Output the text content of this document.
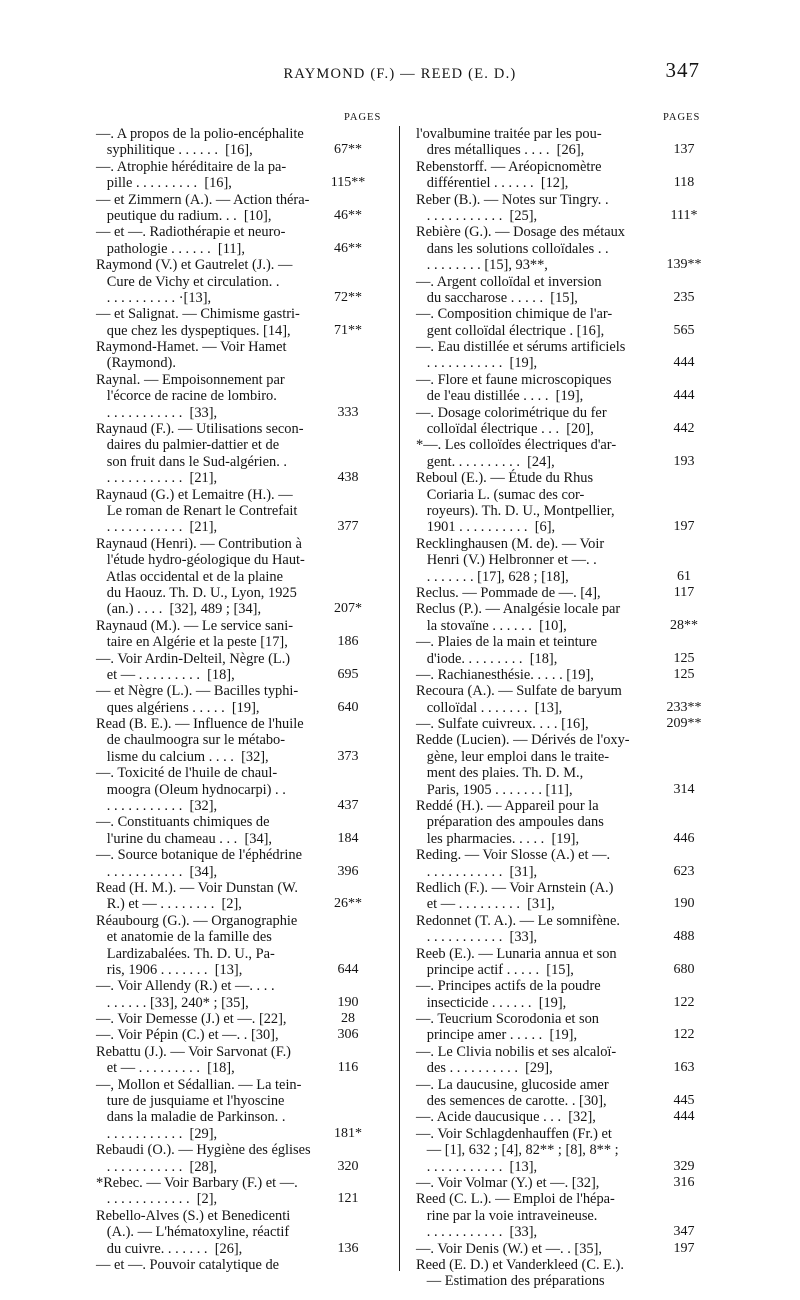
RAYMOND (F.) — REED (E. D.)	347
PAGES	PAGES
—. A propos de la polio-encéphalite
syphilitique . . . . . .  [16],	67**
—. Atrophie héréditaire de la pa-
pille . . . . . . . . .  [16],	115**
— et Zimmern (A.). — Action théra-
peutique du radium. . .  [10],	46**
— et —. Radiothérapie et neuro-
pathologie . . . . . .  [11],	46**
Raymond (V.) et Gautrelet (J.). —
Cure de Vichy et circulation. .
. . . . . . . . . . ·[13],	72**
— et Salignat. — Chimisme gastri-
que chez les dyspeptiques. [14],	71**
Raymond-Hamet. — Voir Hamet
(Raymond).
Raynal. — Empoisonnement par
l'écorce de racine de lombiro.
. . . . . . . . . . .  [33],	333
Raynaud (F.). — Utilisations secon-
daires du palmier-dattier et de
son fruit dans le Sud-algérien. .
. . . . . . . . . . .  [21],	438
Raynaud (G.) et Lemaitre (H.). —
Le roman de Renart le Contrefait
. . . . . . . . . . .  [21],	377
Raynaud (Henri). — Contribution à
l'étude hydro-géologique du Haut-
Atlas occidental et de la plaine
du Haouz. Th. D. U., Lyon, 1925
(an.) . . . .  [32], 489 ; [34],	207*
Raynaud (M.). — Le service sani-
taire en Algérie et la peste [17],	186
—. Voir Ardin-Delteil, Nègre (L.)
et — . . . . . . . . .  [18],	695
— et Nègre (L.). — Bacilles typhi-
ques algériens . . . . .  [19],	640
Read (B. E.). — Influence de l'huile
de chaulmoogra sur le métabo-
lisme du calcium . . . .  [32],	373
—. Toxicité de l'huile de chaul-
moogra (Oleum hydnocarpi) . .
. . . . . . . . . . .  [32],	437
—. Constituants chimiques de
l'urine du chameau . . .  [34],	184
—. Source botanique de l'éphédrine
. . . . . . . . . . .  [34],	396
Read (H. M.). — Voir Dunstan (W.
R.) et — . . . . . . . .  [2],	26**
Réaubourg (G.). — Organographie
et anatomie de la famille des
Lardizabalées. Th. D. U., Pa-
ris, 1906 . . . . . . .  [13],	644
—. Voir Allendy (R.) et —. . . .
. . . . . . [33], 240* ; [35],	190
—. Voir Demesse (J.) et —. [22],	28
—. Voir Pépin (C.) et —. . [30],	306
Rebattu (J.). — Voir Sarvonat (F.)
et — . . . . . . . . .  [18],	116
—, Mollon et Sédallian. — La tein-
ture de jusquiame et l'hyoscine
dans la maladie de Parkinson. .
. . . . . . . . . . .  [29],	181*
Rebaudi (O.). — Hygiène des églises
. . . . . . . . . . .  [28],	320
*Rebec. — Voir Barbary (F.) et —.
. . . . . . . . . . . .  [2],	121
Rebello-Alves (S.) et Benedicenti
(A.). — L'hématoxyline, réactif
du cuivre. . . . . . .  [26],	136
— et —. Pouvoir catalytique de
l'ovalbumine traitée par les pou-
dres métalliques . . . .  [26],	137
Rebenstorff. — Aréopicnomètre
différentiel . . . . . .  [12],	118
Reber (B.). — Notes sur Tingry. .
. . . . . . . . . . .  [25],	111*
Rebière (G.). — Dosage des métaux
dans les solutions colloïdales . .
. . . . . . . . [15], 93**,	139**
—. Argent colloïdal et inversion
du saccharose . . . . .  [15],	235
—. Composition chimique de l'ar-
gent colloïdal électrique . [16],	565
—. Eau distillée et sérums artificiels
. . . . . . . . . . .  [19],	444
—. Flore et faune microscopiques
de l'eau distillée . . . .  [19],	444
—. Dosage colorimétrique du fer
colloïdal électrique . . .  [20],	442
*—. Les colloïdes électriques d'ar-
gent. . . . . . . . . .  [24],	193
Reboul (E.). — Étude du Rhus
Coriaria L. (sumac des cor-
royeurs). Th. D. U., Montpellier,
1901 . . . . . . . . . .  [6],	197
Recklinghausen (M. de). — Voir
Henri (V.) Helbronner et —. .
. . . . . . . [17], 628 ; [18],	61
Reclus. — Pommade de —. [4],	117
Reclus (P.). — Analgésie locale par
la stovaïne . . . . . .  [10],	28**
—. Plaies de la main et teinture
d'iode. . . . . . . . .  [18],	125
—. Rachianesthésie. . . . . [19],	125
Recoura (A.). — Sulfate de baryum
colloïdal . . . . . . .  [13],	233**
—. Sulfate cuivreux. . . . [16],	209**
Redde (Lucien). — Dérivés de l'oxy-
gène, leur emploi dans le traite-
ment des plaies. Th. D. M.,
Paris, 1905 . . . . . . . [11],	314
Reddé (H.). — Appareil pour la
préparation des ampoules dans
les pharmacies. . . . .  [19],	446
Reding. — Voir Slosse (A.) et —.
. . . . . . . . . . .  [31],	623
Redlich (F.). — Voir Arnstein (A.)
et — . . . . . . . . .  [31],	190
Redonnet (T. A.). — Le somnifène.
. . . . . . . . . . .  [33],	488
Reeb (E.). — Lunaria annua et son
principe actif . . . . .  [15],	680
—. Principes actifs de la poudre
insecticide . . . . . .  [19],	122
—. Teucrium Scorodonia et son
principe amer . . . . .  [19],	122
—. Le Clivia nobilis et ses alcaloï-
des . . . . . . . . . .  [29],	163
—. La daucusine, glucoside amer
des semences de carotte. . [30],	445
—. Acide daucusique . . .  [32],	444
—. Voir Schlagdenhauffen (Fr.) et
— [1], 632 ; [4], 82** ; [8], 8** ;
. . . . . . . . . . .  [13],	329
—. Voir Volmar (Y.) et —. [32],	316
Reed (C. L.). — Emploi de l'hépa-
rine par la voie intraveineuse.
. . . . . . . . . . .  [33],	347
—. Voir Denis (W.) et —. . [35],	197
Reed (E. D.) et Vanderkleed (C. E.).
— Estimation des préparations
